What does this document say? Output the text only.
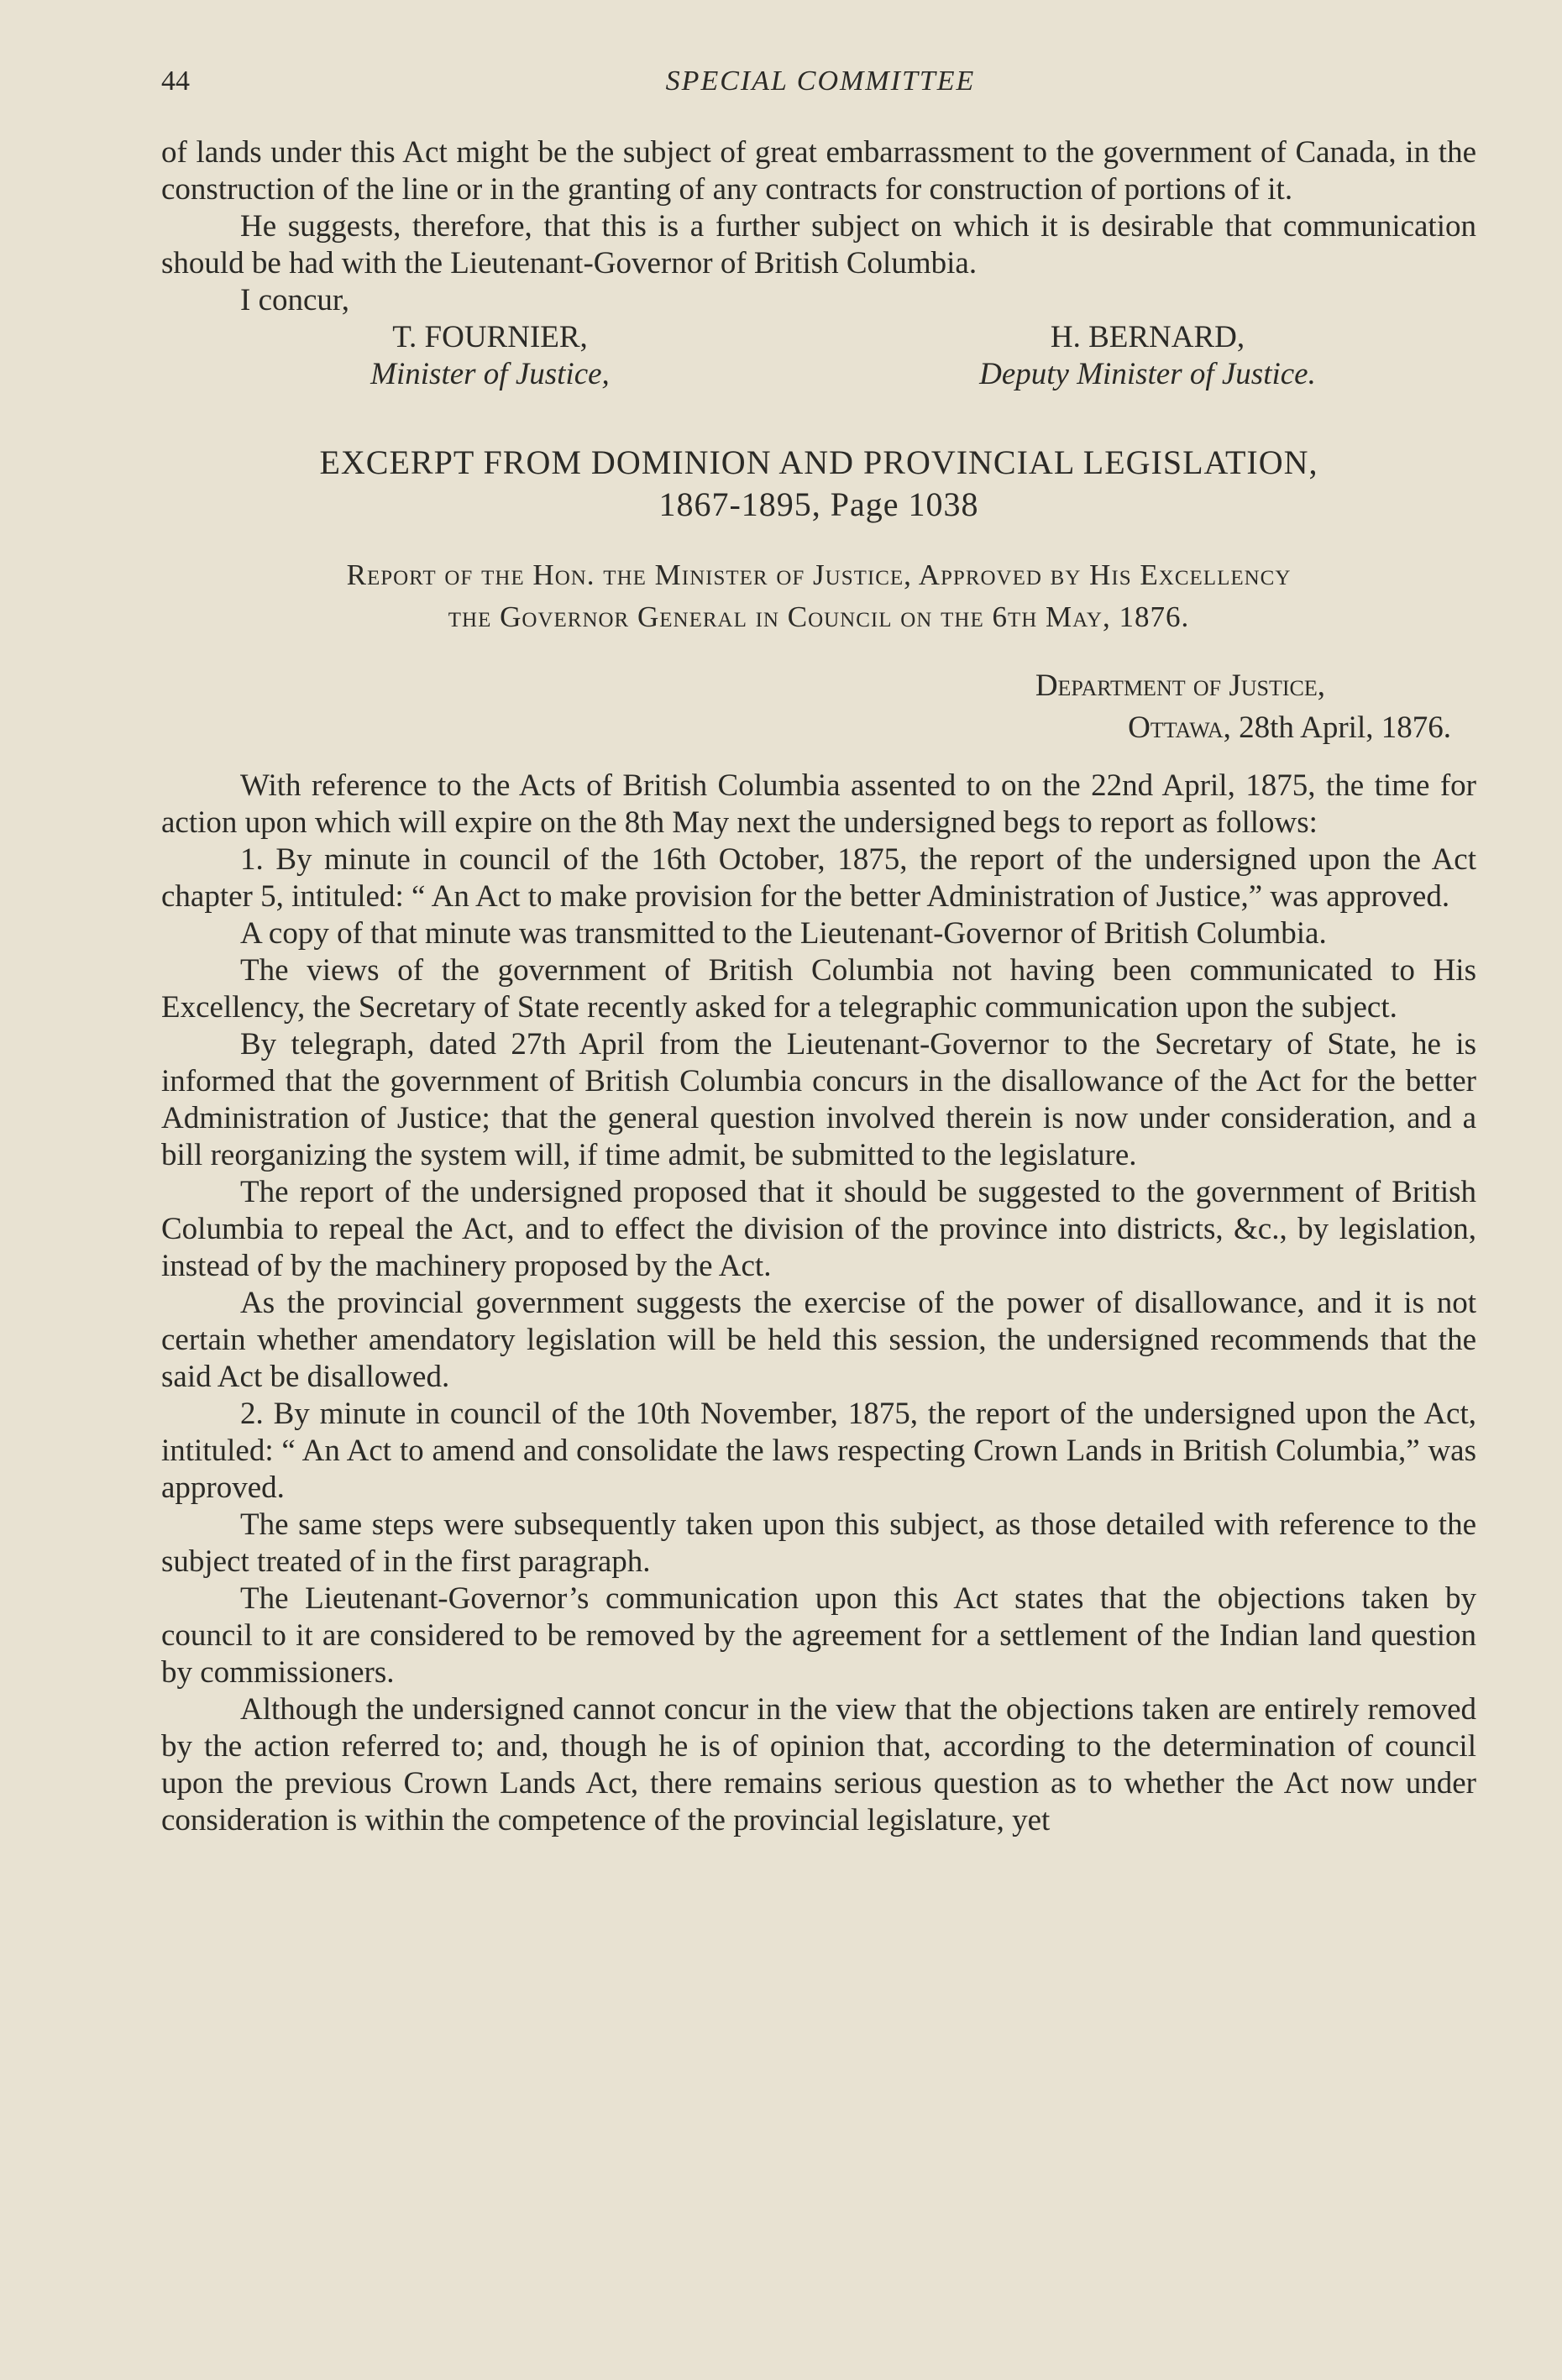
44	SPECIAL COMMITTEE

of lands under this Act might be the subject of great embarrassment to the government of Canada, in the construction of the line or in the granting of any contracts for construction of portions of it.

He suggests, therefore, that this is a further subject on which it is desirable that communication should be had with the Lieutenant-Governor of British Columbia.

I concur,

T. FOURNIER,
Minister of Justice,
H. BERNARD,
Deputy Minister of Justice.
EXCERPT FROM DOMINION AND PROVINCIAL LEGISLATION,
1867-1895, Page 1038
Report of the Hon. the Minister of Justice, Approved by His Excellency
the Governor General in Council on the 6th May, 1876.
Department of Justice,
Ottawa, 28th April, 1876.

With reference to the Acts of British Columbia assented to on the 22nd April, 1875, the time for action upon which will expire on the 8th May next the undersigned begs to report as follows:

1. By minute in council of the 16th October, 1875, the report of the undersigned upon the Act chapter 5, intituled: “ An Act to make provision for the better Administration of Justice,” was approved.

A copy of that minute was transmitted to the Lieutenant-Governor of British Columbia.

The views of the government of British Columbia not having been communicated to His Excellency, the Secretary of State recently asked for a telegraphic communication upon the subject.

By telegraph, dated 27th April from the Lieutenant-Governor to the Secretary of State, he is informed that the government of British Columbia concurs in the disallowance of the Act for the better Administration of Justice; that the general question involved therein is now under consideration, and a bill reorganizing the system will, if time admit, be submitted to the legislature.

The report of the undersigned proposed that it should be suggested to the government of British Columbia to repeal the Act, and to effect the division of the province into districts, &c., by legislation, instead of by the machinery proposed by the Act.

As the provincial government suggests the exercise of the power of disallowance, and it is not certain whether amendatory legislation will be held this session, the undersigned recommends that the said Act be disallowed.

2. By minute in council of the 10th November, 1875, the report of the undersigned upon the Act, intituled: “ An Act to amend and consolidate the laws respecting Crown Lands in British Columbia,” was approved.

The same steps were subsequently taken upon this subject, as those detailed with reference to the subject treated of in the first paragraph.

The Lieutenant-Governor’s communication upon this Act states that the objections taken by council to it are considered to be removed by the agreement for a settlement of the Indian land question by commissioners.

Although the undersigned cannot concur in the view that the objections taken are entirely removed by the action referred to; and, though he is of opinion that, according to the determination of council upon the previous Crown Lands Act, there remains serious question as to whether the Act now under consideration is within the competence of the provincial legislature, yet
